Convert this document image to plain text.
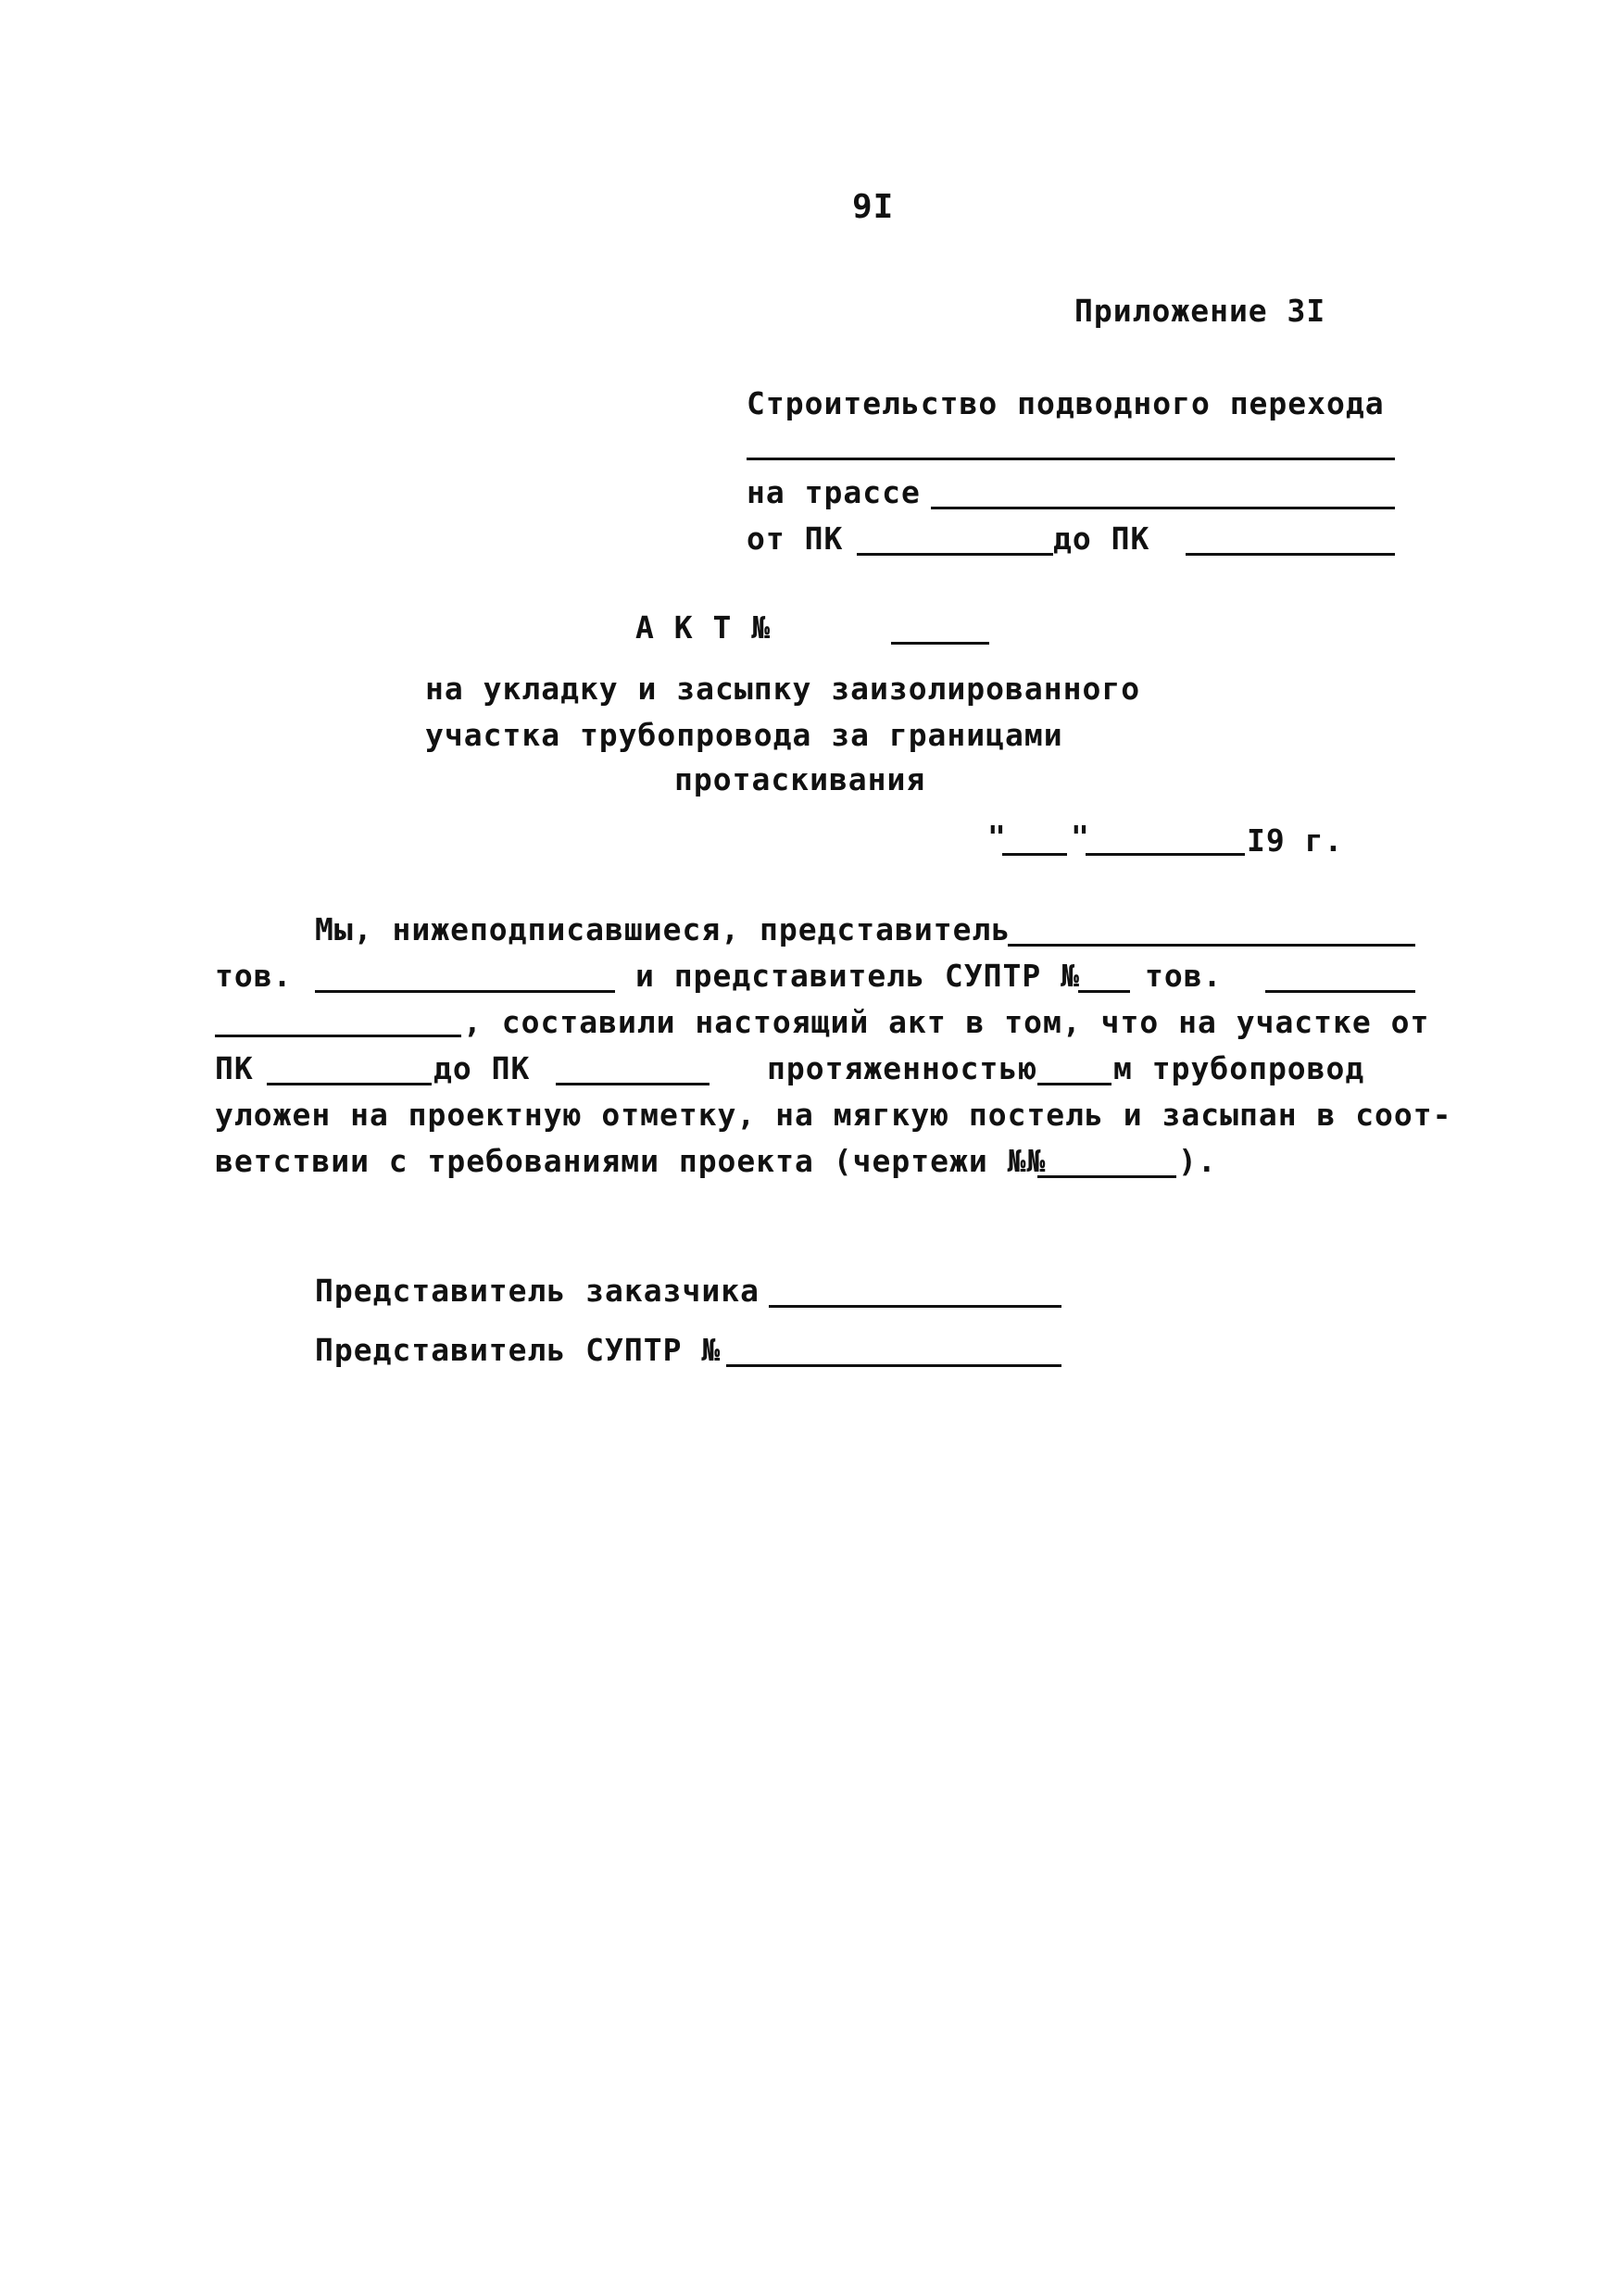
9I
Приложение 3I
Строительство подводного перехода
на трассе
от ПК	до ПК
А К Т №
на укладку и засыпку заизолированного
участка трубопровода за границами
протаскивания
" "	I9 г.
Мы, нижеподписавшиеся, представитель
тов.	и представитель СУПТР № тов.
, составили настоящий акт в том, что на участке от
ПК	до ПК	протяженностью м трубопровод
уложен на проектную отметку, на мягкую постель и засыпан в соот-
ветствии с требованиями проекта (чертежи №№	).
Представитель заказчика
Представитель СУПТР №
